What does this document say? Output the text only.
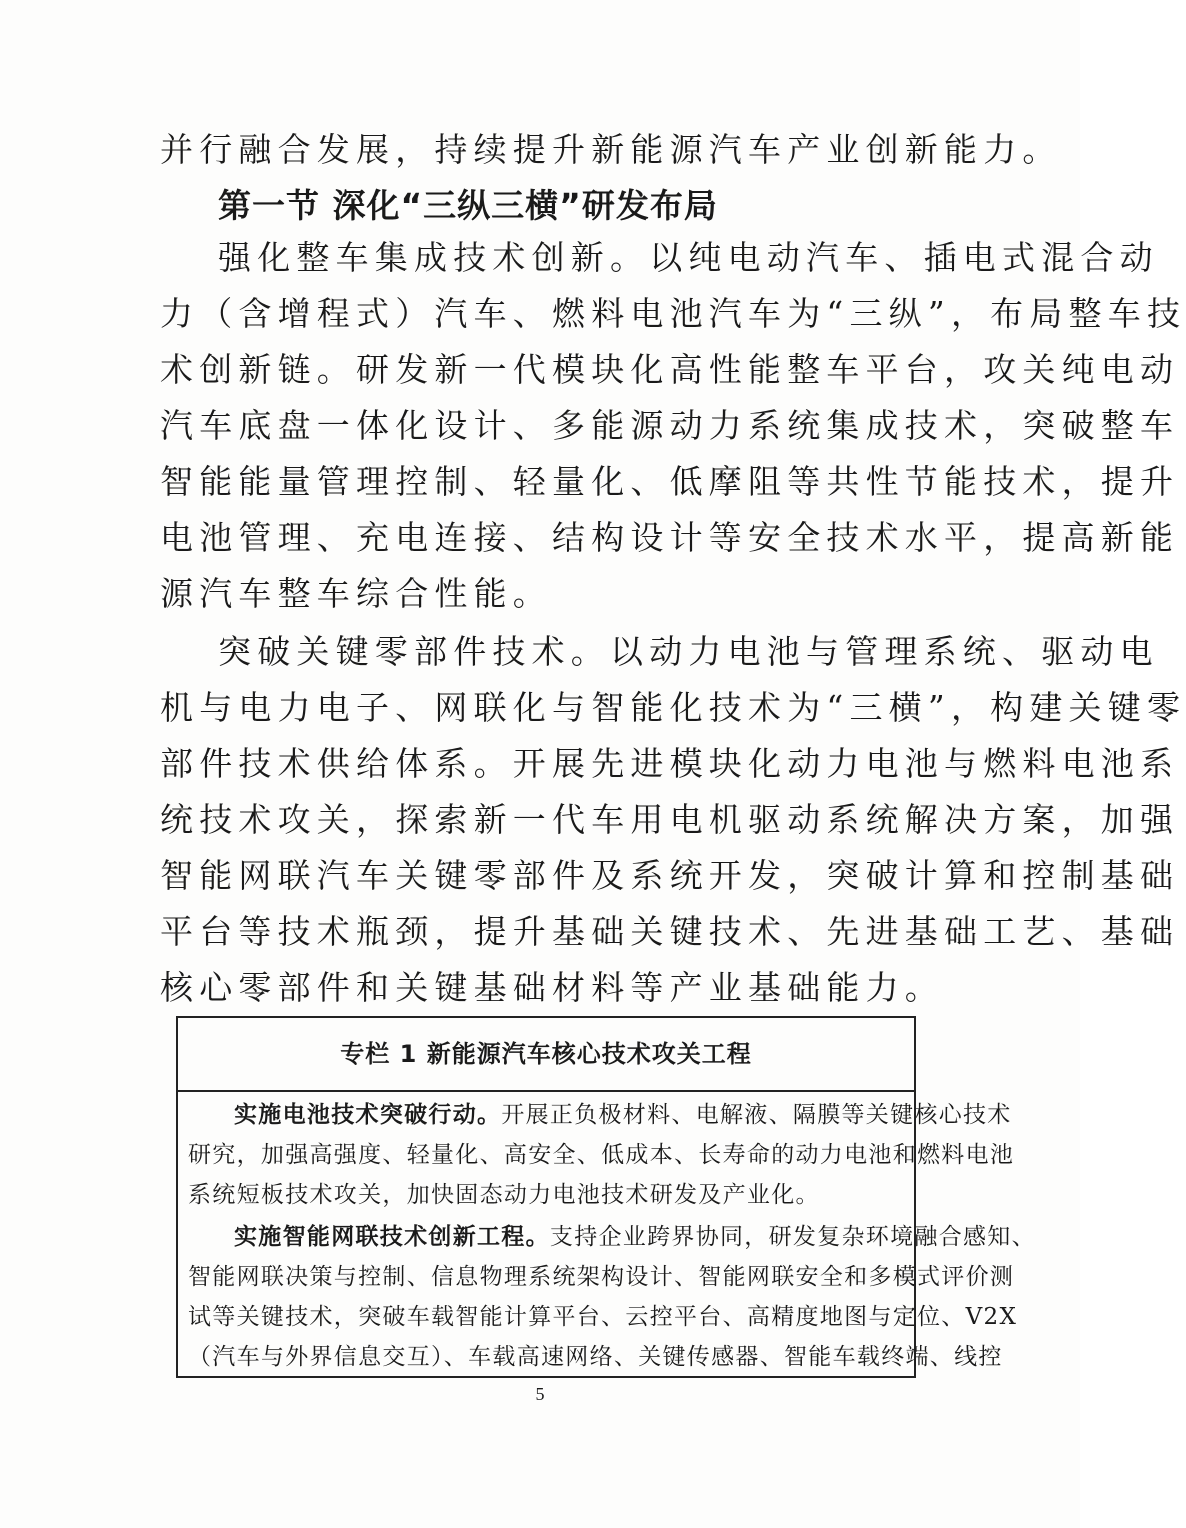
并行融合发展，持续提升新能源汽车产业创新能力。
第一节 深化“三纵三横”研发布局
强化整车集成技术创新。以纯电动汽车、插电式混合动
力（含增程式）汽车、燃料电池汽车为“三纵”，布局整车技
术创新链。研发新一代模块化高性能整车平台，攻关纯电动
汽车底盘一体化设计、多能源动力系统集成技术，突破整车
智能能量管理控制、轻量化、低摩阻等共性节能技术，提升
电池管理、充电连接、结构设计等安全技术水平，提高新能
源汽车整车综合性能。
突破关键零部件技术。以动力电池与管理系统、驱动电
机与电力电子、网联化与智能化技术为“三横”，构建关键零
部件技术供给体系。开展先进模块化动力电池与燃料电池系
统技术攻关，探索新一代车用电机驱动系统解决方案，加强
智能网联汽车关键零部件及系统开发，突破计算和控制基础
平台等技术瓶颈，提升基础关键技术、先进基础工艺、基础
核心零部件和关键基础材料等产业基础能力。
专栏 1 新能源汽车核心技术攻关工程
实施电池技术突破行动。开展正负极材料、电解液、隔膜等关键核心技术
研究，加强高强度、轻量化、高安全、低成本、长寿命的动力电池和燃料电池
系统短板技术攻关，加快固态动力电池技术研发及产业化。
实施智能网联技术创新工程。支持企业跨界协同，研发复杂环境融合感知、
智能网联决策与控制、信息物理系统架构设计、智能网联安全和多模式评价测
试等关键技术，突破车载智能计算平台、云控平台、高精度地图与定位、V2X
（汽车与外界信息交互）、车载高速网络、关键传感器、智能车载终端、线控
5
